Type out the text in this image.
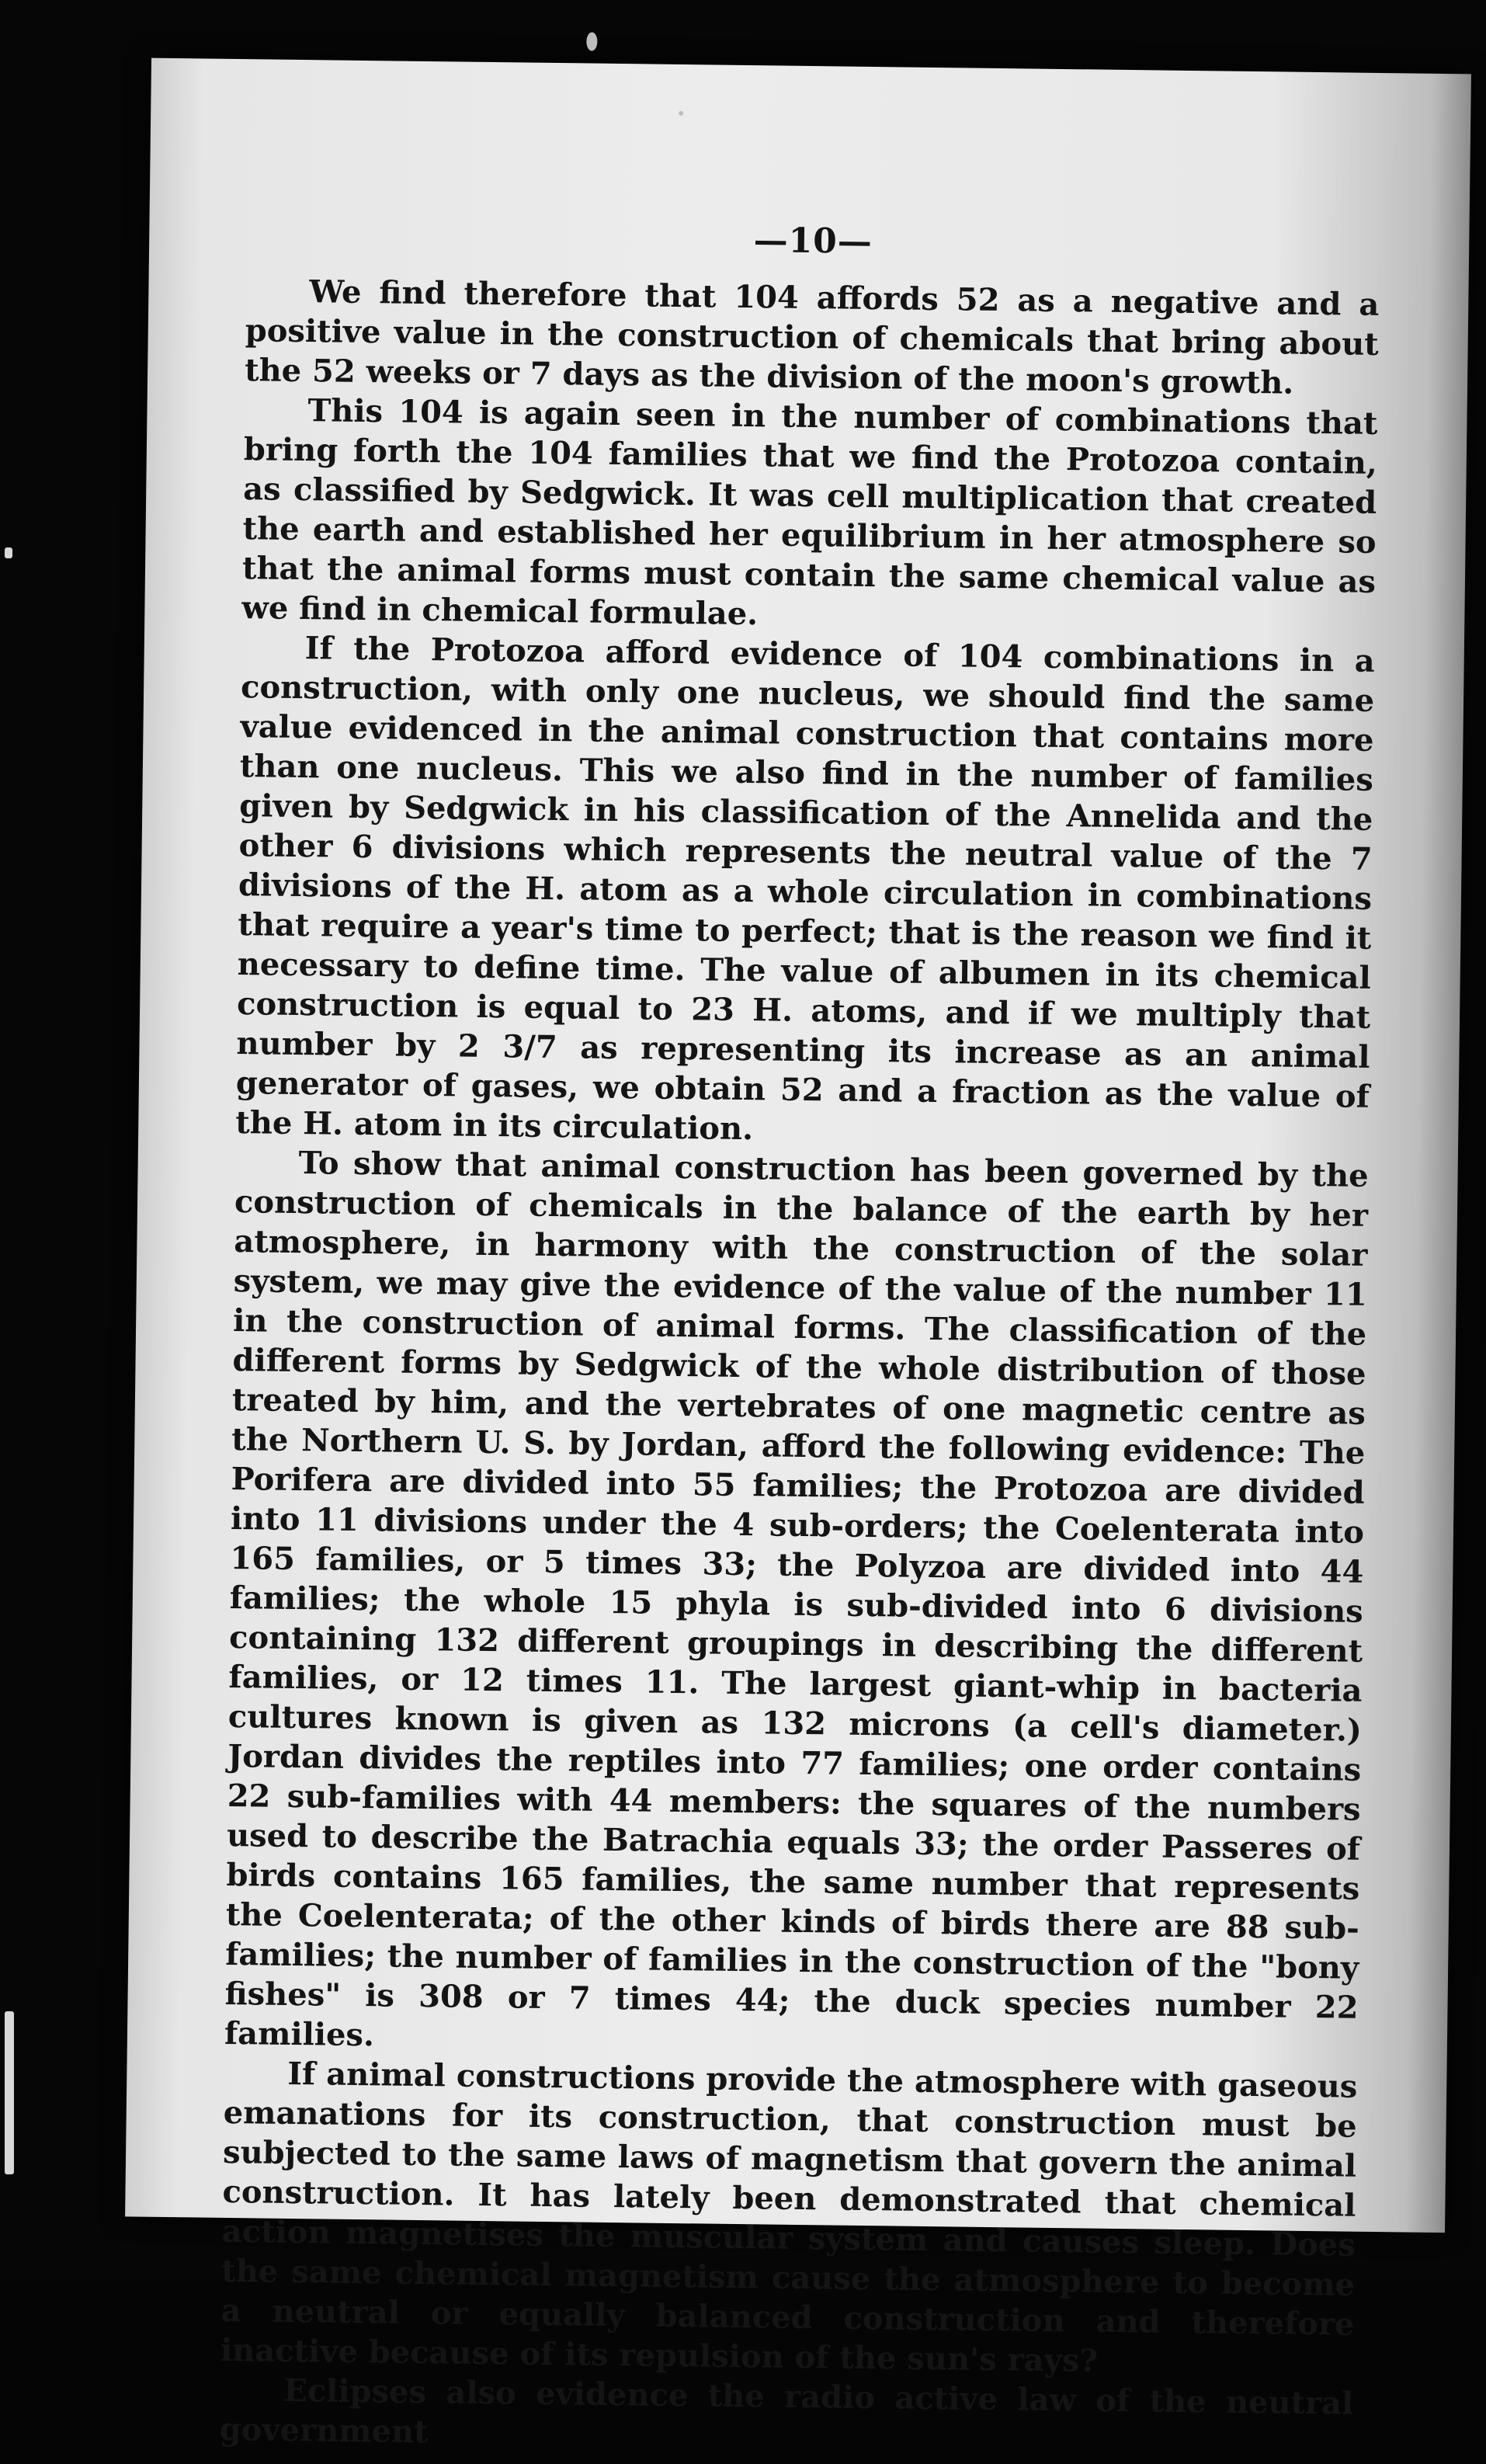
—10—

We find therefore that 104 affords 52 as a negative and a positive value in the construction of chemicals that bring about the 52 weeks or 7 days as the division of the moon's growth.

This 104 is again seen in the number of combinations that bring forth the 104 families that we find the Protozoa contain, as classified by Sedgwick. It was cell multiplication that created the earth and established her equilibrium in her atmosphere so that the animal forms must contain the same chemical value as we find in chemical formulae.

If the Protozoa afford evidence of 104 combinations in a construction, with only one nucleus, we should find the same value evidenced in the animal construction that contains more than one nucleus. This we also find in the number of families given by Sedgwick in his classification of the Annelida and the other 6 divisions which represents the neutral value of the 7 divisions of the H. atom as a whole circulation in combinations that require a year's time to perfect; that is the reason we find it necessary to define time. The value of albumen in its chemical construction is equal to 23 H. atoms, and if we multiply that number by 2 3/7 as representing its increase as an animal generator of gases, we obtain 52 and a fraction as the value of the H. atom in its circulation.

To show that animal construction has been governed by the construction of chemicals in the balance of the earth by her atmosphere, in harmony with the construction of the solar system, we may give the evidence of the value of the number 11 in the construction of animal forms. The classification of the different forms by Sedgwick of the whole distribution of those treated by him, and the vertebrates of one magnetic centre as the Northern U. S. by Jordan, afford the following evidence: The Porifera are divided into 55 families; the Protozoa are divided into 11 divisions under the 4 sub-orders; the Coelenterata into 165 families, or 5 times 33; the Polyzoa are divided into 44 families; the whole 15 phyla is sub-divided into 6 divisions containing 132 different groupings in describing the different families, or 12 times 11. The largest giant-whip in bacteria cultures known is given as 132 microns (a cell's diameter.) Jordan divides the reptiles into 77 families; one order contains 22 sub-families with 44 members: the squares of the numbers used to describe the Batrachia equals 33; the order Passeres of birds contains 165 families, the same number that represents the Coelenterata; of the other kinds of birds there are 88 sub-families; the number of families in the construction of the "bony fishes" is 308 or 7 times 44; the duck species number 22 families.

If animal constructions provide the atmosphere with gaseous emanations for its construction, that construction must be subjected to the same laws of magnetism that govern the animal construction. It has lately been demonstrated that chemical action magnetises the muscular system and causes sleep. Does the same chemical magnetism cause the atmosphere to become a neutral or equally balanced construction and therefore inactive because of its repulsion of the sun's rays?

Eclipses also evidence the radio active law of the neutral government
